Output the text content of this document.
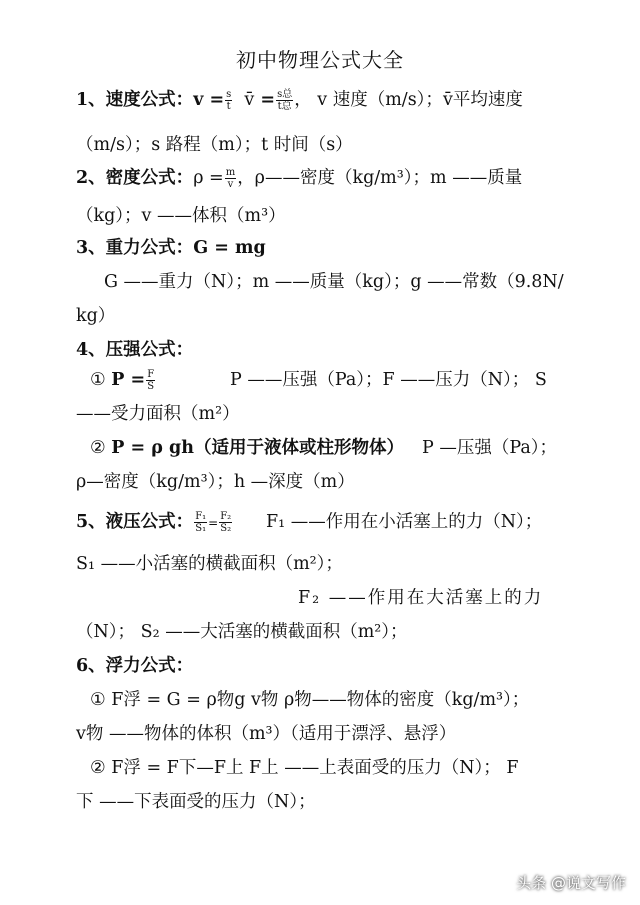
初中物理公式大全
1、速度公式：$v = \frac{s}{t}$ v̄ = $\frac{\text{s总}}{\text{t总}}$ ， v 速度（m/s）；v̄平均速度
（m/s）；s 路程（m）；t 时间（s）
2、密度公式：$\rho = \frac{m}{v}$ ，ρ——密度（kg/m³）；m ——质量
（kg）；v ——体积（m³）
3、重力公式：G = mg
G ——重力（N）；m ——质量（kg）；g ——常数（9.8N/
kg）
4、压强公式：
① $P = \frac{F}{S}$	P ——压强（Pa）；F ——压力（N）； S
——受力面积（m²）
② P = ρ gh（适用于液体或柱形物体） P —压强（Pa）；
ρ—密度（kg/m³）；h —深度（m）
5、液压公式： $\frac{\text{F₁}}{\text{S₁}} = \frac{\text{F₂}}{\text{S₂}} F_1$ ——作用在小活塞上的力（N）；
S₁ ——小活塞的横截面积（m²）；
F₂ ——作用在大活塞上的力
（N）； S₂ ——大活塞的横截面积（m²）；
6、浮力公式：
① F浮 = G = ρ物g v物 ρ物——物体的密度（kg/m³）；
v物 ——物体的体积（m³）（适用于漂浮、悬浮）
② F浮 = F下—F上 F上 ——上表面受的压力（N）； F
下 ——下表面受的压力（N）；
头条 @说文写作
